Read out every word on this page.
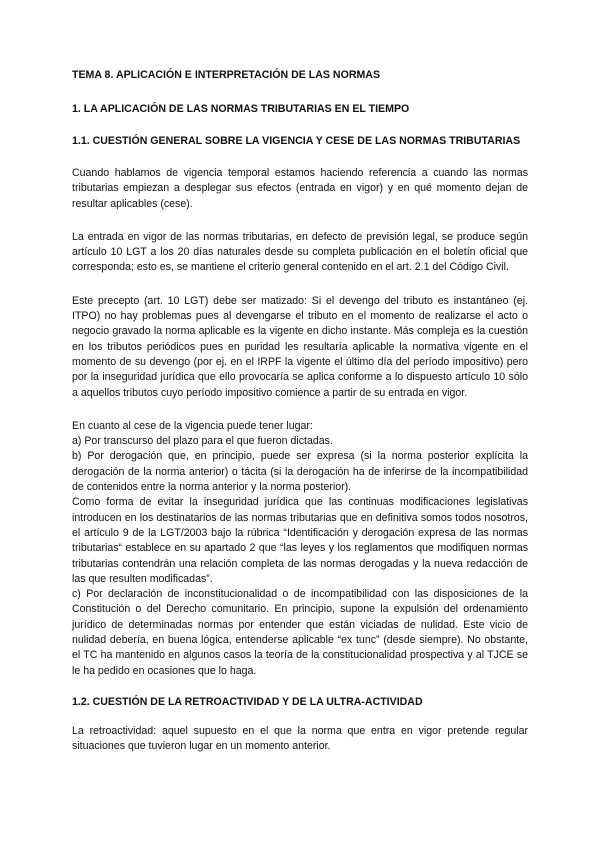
TEMA 8. APLICACIÓN E INTERPRETACIÓN DE LAS NORMAS
1. LA APLICACIÓN DE LAS NORMAS TRIBUTARIAS EN EL TIEMPO
1.1. CUESTIÓN GENERAL SOBRE LA VIGENCIA Y CESE DE LAS NORMAS TRIBUTARIAS

Cuando hablamos de vigencia temporal estamos haciendo referencia a cuando las normas tributarias empiezan a desplegar sus efectos (entrada en vigor) y en qué momento dejan de resultar aplicables (cese).

La entrada en vigor de las normas tributarias, en defecto de previsión legal, se produce según artículo 10 LGT a los 20 días naturales desde su completa publicación en el boletín oficial que corresponda; esto es, se mantiene el criterio general contenido en el art. 2.1 del Código Civil.

Este precepto (art. 10 LGT) debe ser matizado: Si el devengo del tributo es instantáneo (ej. ITPO) no hay problemas pues al devengarse el tributo en el momento de realizarse el acto o negocio gravado la norma aplicable es la vigente en dicho instante. Más compleja es la cuestión en los tributos periódicos pues en puridad les resultaría aplicable la normativa vigente en el momento de su devengo (por ej. en el IRPF la vigente el último día del período impositivo) pero por la inseguridad jurídica que ello provocaría se aplica conforme a lo dispuesto artículo 10 sólo a aquellos tributos cuyo período impositivo comience a partir de su entrada en vigor.

En cuanto al cese de la vigencia puede tener lugar:

a) Por transcurso del plazo para el que fueron dictadas.

b) Por derogación que, en principio, puede ser expresa (si la norma posterior explícita la derogación de la norma anterior) o tácita (si la derogación ha de inferirse de la incompatibilidad de contenidos entre la norma anterior y la norma posterior).

Como forma de evitar la inseguridad jurídica que las continuas modificaciones legislativas introducen en los destinatarios de las normas tributarias que en definitiva somos todos nosotros, el artículo 9 de la LGT/2003 bajo la rúbrica “Identificación y derogación expresa de las normas tributarias“ establece en su apartado 2 que “las leyes y los reglamentos que modifiquen normas tributarias contendrán una relación completa de las normas derogadas y la nueva redacción de las que resulten modificadas”.

c) Por declaración de inconstitucionalidad o de incompatibilidad con las disposiciones de la Constitución o del Derecho comunitario. En principio, supone la expulsión del ordenamiento jurídico de determinadas normas por entender que están viciadas de nulidad. Este vicio de nulidad debería, en buena lógica, entenderse aplicable “ex tunc” (desde siempre). No obstante, el TC ha mantenido en algunos casos la teoría de la constitucionalidad prospectiva y al TJCE se le ha pedido en ocasiones que lo haga.

1.2. CUESTIÓN DE LA RETROACTIVIDAD Y DE LA ULTRA-ACTIVIDAD

La retroactividad: aquel supuesto en el que la norma que entra en vigor pretende regular situaciones que tuvieron lugar en un momento anterior.
